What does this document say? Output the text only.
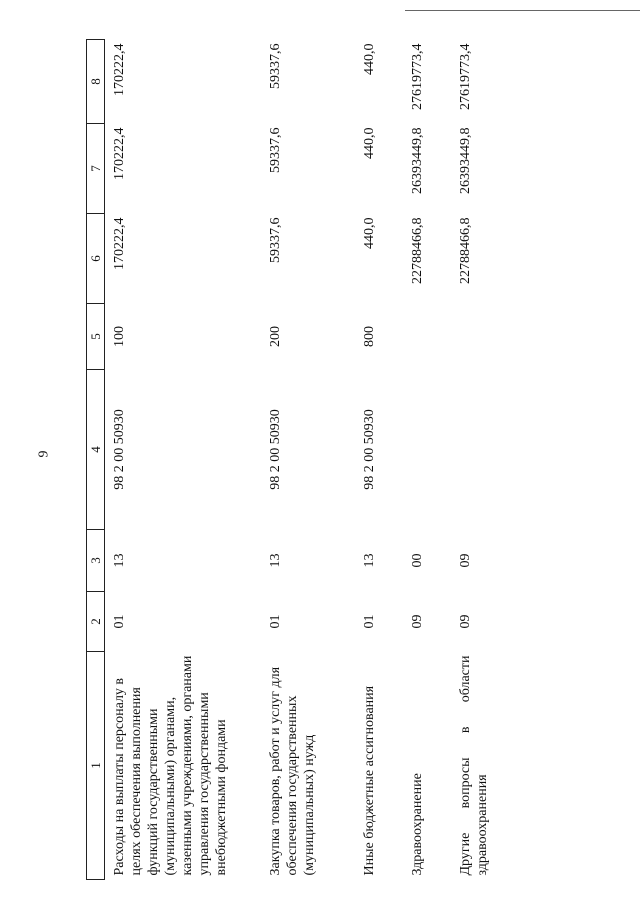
9
1	2	3	4	5	6	7	8
Расходы на выплаты персоналу в целях обеспечения выполнения функций государственными (муниципальными) органами, казенными учреждениями, органами управления государственными внебюджетными фондами	01	13	98 2 00 50930	100	170222,4	170222,4	170222,4
Закупка товаров, работ и услуг для обеспечения государственных (муниципальных) нужд	01	13	98 2 00 50930	200	59337,6	59337,6	59337,6
Иные бюджетные ассигнования	01	13	98 2 00 50930	800	440,0	440,0	440,0
Здравоохранение	09	00			22788466,8	26393449,8	27619773,4
Другие вопросы в области здравоохранения	09	09			22788466,8	26393449,8	27619773,4
